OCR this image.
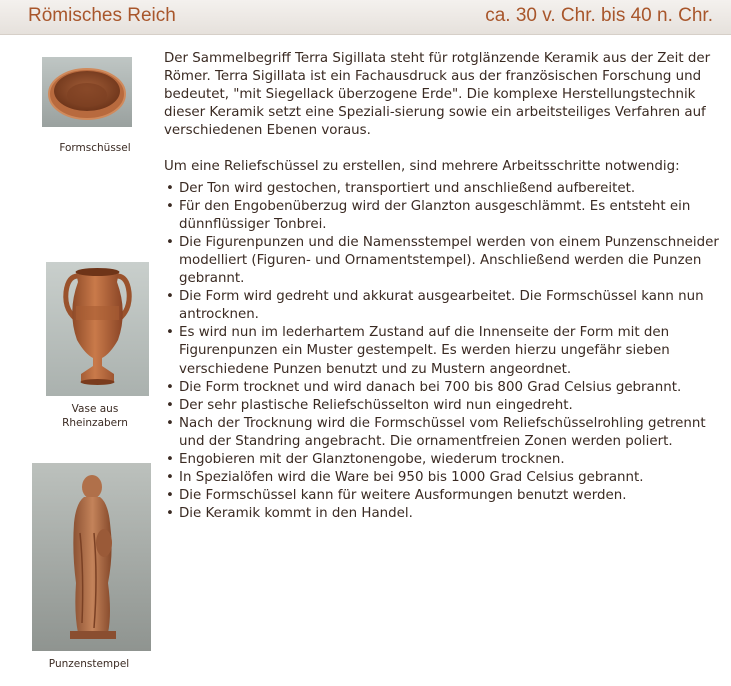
Römisches Reich	ca. 30 v. Chr. bis 40 n. Chr.
Formschüssel
Vase aus
Rheinzabern
Punzenstempel

Der Sammelbegriff Terra Sigillata steht für rotglänzende Keramik aus der Zeit der Römer. Terra Sigillata ist ein Fachausdruck aus der französischen Forschung und bedeutet, "mit Siegellack überzogene Erde". Die komplexe Herstellungstechnik dieser Keramik setzt eine Speziali-sierung sowie ein arbeitsteiliges Verfahren auf verschiedenen Ebenen voraus.

Um eine Reliefschüssel zu erstellen, sind mehrere Arbeitsschritte notwendig:

• Der Ton wird gestochen, transportiert und anschließend aufbereitet.
• Für den Engobenüberzug wird der Glanzton ausgeschlämmt. Es entsteht ein dünnflüssiger Tonbrei.
• Die Figurenpunzen und die Namensstempel werden von einem Punzenschneider modelliert (Figuren- und Ornamentstempel). Anschließend werden die Punzen gebrannt.
• Die Form wird gedreht und akkurat ausgearbeitet. Die Formschüssel kann nun antrocknen.
• Es wird nun im lederhartem Zustand auf die Innenseite der Form mit den Figurenpunzen ein Muster gestempelt. Es werden hierzu ungefähr sieben verschiedene Punzen benutzt und zu Mustern angeordnet.
• Die Form trocknet und wird danach bei 700 bis 800 Grad Celsius gebrannt.
• Der sehr plastische Reliefschüsselton wird nun eingedreht.
• Nach der Trocknung wird die Formschüssel vom Reliefschüsselrohling getrennt und der Standring angebracht. Die ornamentfreien Zonen werden poliert.
• Engobieren mit der Glanztonengobe, wiederum trocknen.
• In Spezialöfen wird die Ware bei 950 bis 1000 Grad Celsius gebrannt.
• Die Formschüssel kann für weitere Ausformungen benutzt werden.
• Die Keramik kommt in den Handel.
